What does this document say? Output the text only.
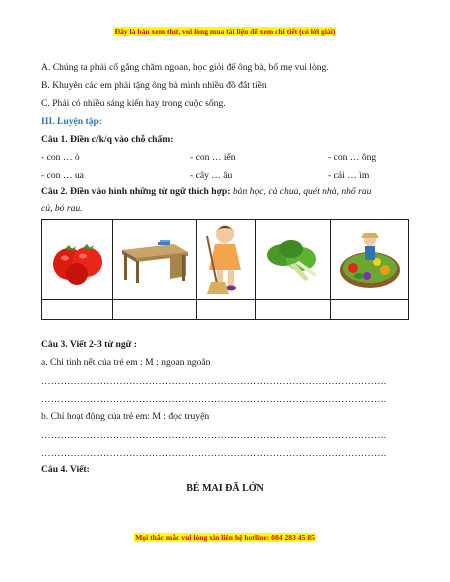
Đây là bản xem thử, vui lòng mua tài liệu để xem chi tiết (có lời giải)
A. Chúng ta phải cố gắng chăm ngoan, học giỏi để ông bà, bố mẹ vui lòng.
B. Khuyên các em phải tặng ông bà mình nhiều đồ đắt tiền
C. Phải có nhiều sáng kiến hay trong cuộc sống.
III. Luyện tập:
Câu 1. Điền c/k/q vào chỗ chấm:
- con … ò	- con … iến	- con … ông
- con … ua	- cây … âu	- cái … ìm
Câu 2. Điền vào hình những từ ngữ thích hợp: bàn học, cà chua, quét nhà, nhổ rau
củ, bó rau.

Câu 3. Viết 2-3 từ ngữ :
a. Chỉ tính nết của trẻ em : M : ngoan ngoãn
…………………………………………………………………………………………….
…………………………………………………………………………………………….
b. Chỉ hoạt động của trẻ em: M : đọc truyện
…………………………………………………………………………………………….
…………………………………………………………………………………………….
Câu 4. Viết:
BÉ MAI ĐÃ LỚN
Mọi thắc mắc vui lòng xin liên hệ hotline: 084 283 45 85
